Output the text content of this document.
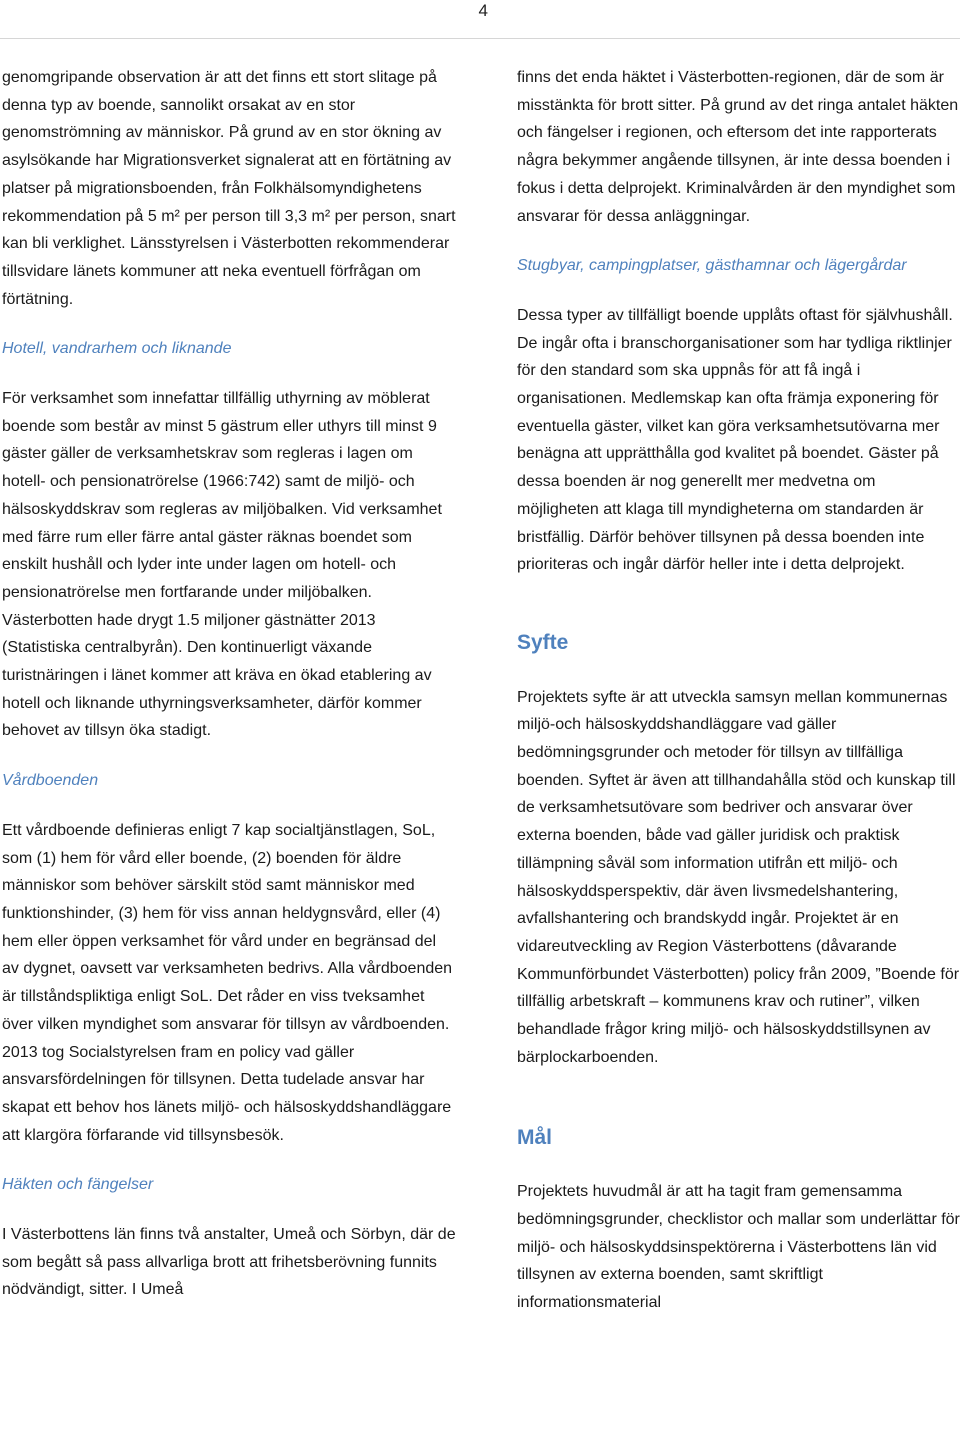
4

genomgripande observation är att det finns ett stort slitage på denna typ av boende, sannolikt orsakat av en stor genomströmning av människor. På grund av en stor ökning av asylsökande har Migrationsverket signalerat att en förtätning av platser på migrationsboenden, från Folkhälsomyndighetens rekommendation på 5 m² per person till 3,3 m² per person, snart kan bli verklighet. Länsstyrelsen i Västerbotten rekommenderar tillsvidare länets kommuner att neka eventuell förfrågan om förtätning.

Hotell, vandrarhem och liknande

För verksamhet som innefattar tillfällig uthyrning av möblerat boende som består av minst 5 gästrum eller uthyrs till minst 9 gäster gäller de verksamhetskrav som regleras i lagen om hotell- och pensionatrörelse (1966:742) samt de miljö- och hälsoskyddskrav som regleras av miljöbalken. Vid verksamhet med färre rum eller färre antal gäster räknas boendet som enskilt hushåll och lyder inte under lagen om hotell- och pensionatrörelse men fortfarande under miljöbalken. Västerbotten hade drygt 1.5 miljoner gästnätter 2013 (Statistiska centralbyrån). Den kontinuerligt växande turistnäringen i länet kommer att kräva en ökad etablering av hotell och liknande uthyrningsverksamheter, därför kommer behovet av tillsyn öka stadigt.

Vårdboenden

Ett vårdboende definieras enligt 7 kap socialtjänstlagen, SoL, som (1) hem för vård eller boende, (2) boenden för äldre människor som behöver särskilt stöd samt människor med funktionshinder, (3) hem för viss annan heldygnsvård, eller (4) hem eller öppen verksamhet för vård under en begränsad del av dygnet, oavsett var verksamheten bedrivs. Alla vårdboenden är tillståndspliktiga enligt SoL. Det råder en viss tveksamhet över vilken myndighet som ansvarar för tillsyn av vårdboenden. 2013 tog Socialstyrelsen fram en policy vad gäller ansvarsfördelningen för tillsynen. Detta tudelade ansvar har skapat ett behov hos länets miljö- och hälsoskyddshandläggare att klargöra förfarande vid tillsynsbesök.

Häkten och fängelser

I Västerbottens län finns två anstalter, Umeå och Sörbyn, där de som begått så pass allvarliga brott att frihetsberövning funnits nödvändigt, sitter. I Umeå

finns det enda häktet i Västerbotten-regionen, där de som är misstänkta för brott sitter. På grund av det ringa antalet häkten och fängelser i regionen, och eftersom det inte rapporterats några bekymmer angående tillsynen, är inte dessa boenden i fokus i detta delprojekt. Kriminalvården är den myndighet som ansvarar för dessa anläggningar.

Stugbyar, campingplatser, gästhamnar och lägergårdar

Dessa typer av tillfälligt boende upplåts oftast för självhushåll. De ingår ofta i branschorganisationer som har tydliga riktlinjer för den standard som ska uppnås för att få ingå i organisationen. Medlemskap kan ofta främja exponering för eventuella gäster, vilket kan göra verksamhetsutövarna mer benägna att upprätthålla god kvalitet på boendet. Gäster på dessa boenden är nog generellt mer medvetna om möjligheten att klaga till myndigheterna om standarden är bristfällig. Därför behöver tillsynen på dessa boenden inte prioriteras och ingår därför heller inte i detta delprojekt.

Syfte

Projektets syfte är att utveckla samsyn mellan kommunernas miljö-och hälsoskyddshandläggare vad gäller bedömningsgrunder och metoder för tillsyn av tillfälliga boenden. Syftet är även att tillhandahålla stöd och kunskap till de verksamhetsutövare som bedriver och ansvarar över externa boenden, både vad gäller juridisk och praktisk tillämpning såväl som information utifrån ett miljö- och hälsoskyddsperspektiv, där även livsmedelshantering, avfallshantering och brandskydd ingår. Projektet är en vidareutveckling av Region Västerbottens (dåvarande Kommunförbundet Västerbotten) policy från 2009, ”Boende för tillfällig arbetskraft – kommunens krav och rutiner”, vilken behandlade frågor kring miljö- och hälsoskyddstillsynen av bärplockarboenden.

Mål

Projektets huvudmål är att ha tagit fram gemensamma bedömningsgrunder, checklistor och mallar som underlättar för miljö- och hälsoskyddsinspektörerna i Västerbottens län vid tillsynen av externa boenden, samt skriftligt informationsmaterial
